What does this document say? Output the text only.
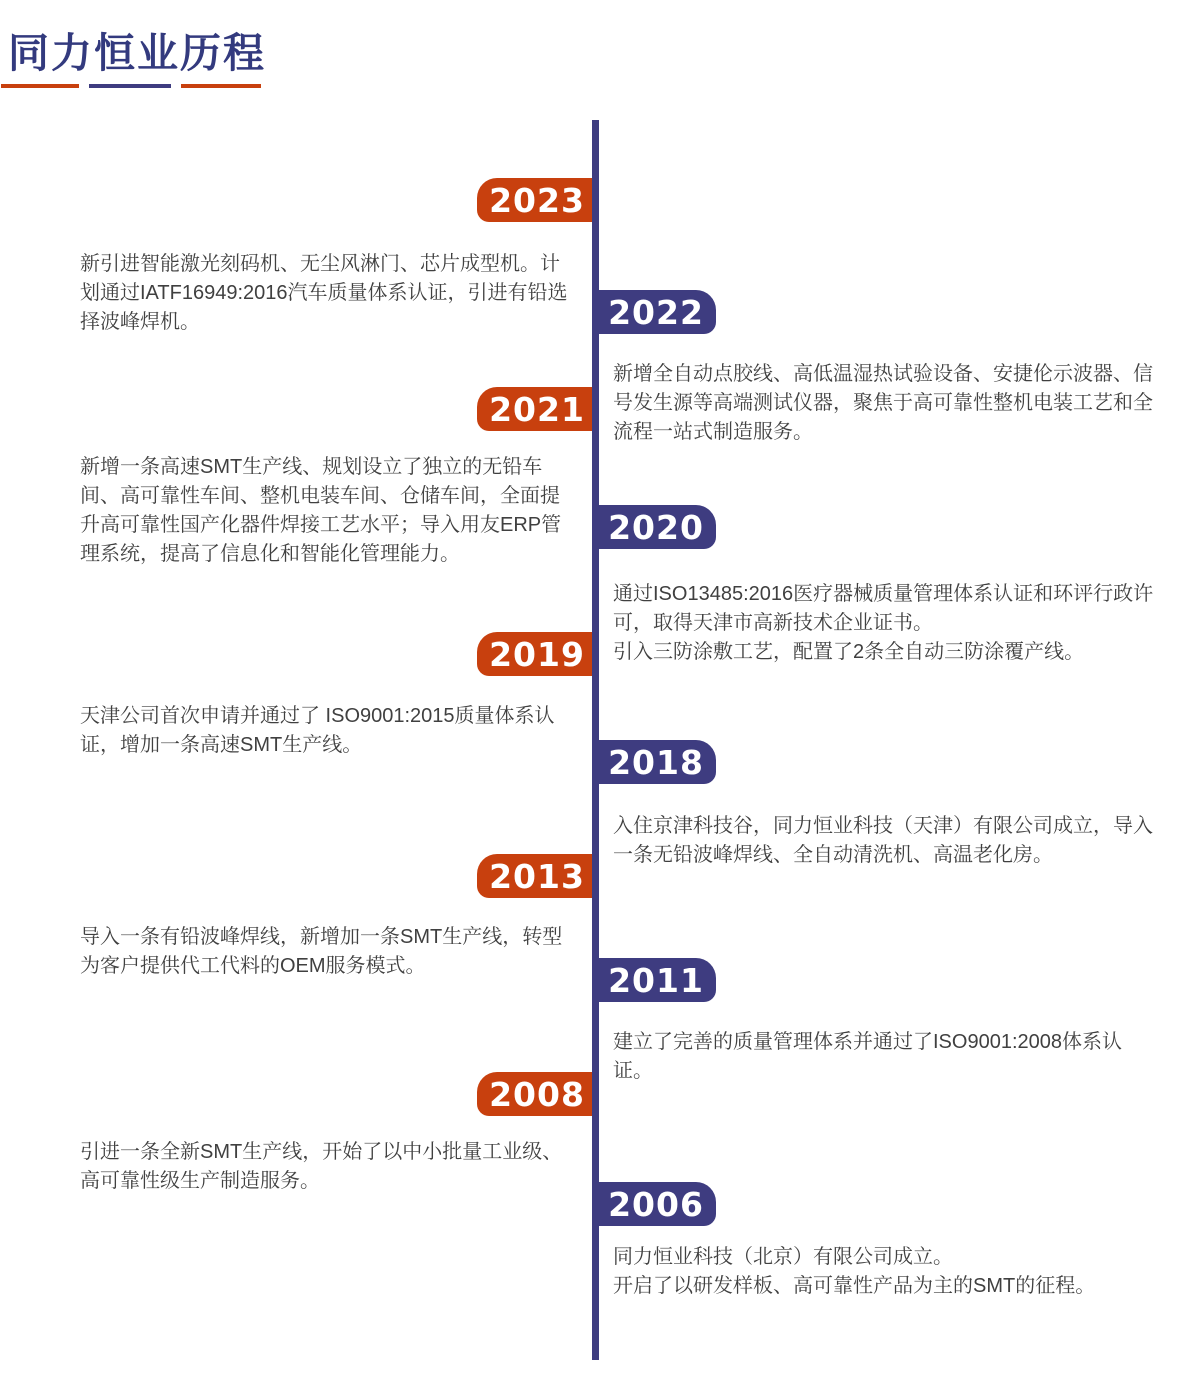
同力恒业历程
2023
新引进智能激光刻码机、无尘风淋门、芯片成型机。计划通过IATF16949:2016汽车质量体系认证，引进有铅选择波峰焊机。	2022
新增全自动点胶线、高低温湿热试验设备、安捷伦示波器、信号发生源等高端测试仪器，聚焦于高可靠性整机电装工艺和全流程一站式制造服务。
2021
新增一条高速SMT生产线、规划设立了独立的无铅车间、高可靠性车间、整机电装车间、仓储车间，全面提升高可靠性国产化器件焊接工艺水平；导入用友ERP管理系统，提高了信息化和智能化管理能力。
2020
通过ISO13485:2016医疗器械质量管理体系认证和环评行政许可，取得天津市高新技术企业证书。
引入三防涂敷工艺，配置了2条全自动三防涂覆产线。
2019
天津公司首次申请并通过了 ISO9001:2015质量体系认证，增加一条高速SMT生产线。	2018
入住京津科技谷，同力恒业科技（天津）有限公司成立，导入一条无铅波峰焊线、全自动清洗机、高温老化房。
2013
导入一条有铅波峰焊线，新增加一条SMT生产线，转型为客户提供代工代料的OEM服务模式。	2011
建立了完善的质量管理体系并通过了ISO9001:2008体系认证。
2008
引进一条全新SMT生产线，开始了以中小批量工业级、高可靠性级生产制造服务。
2006
同力恒业科技（北京）有限公司成立。
开启了以研发样板、高可靠性产品为主的SMT的征程。
